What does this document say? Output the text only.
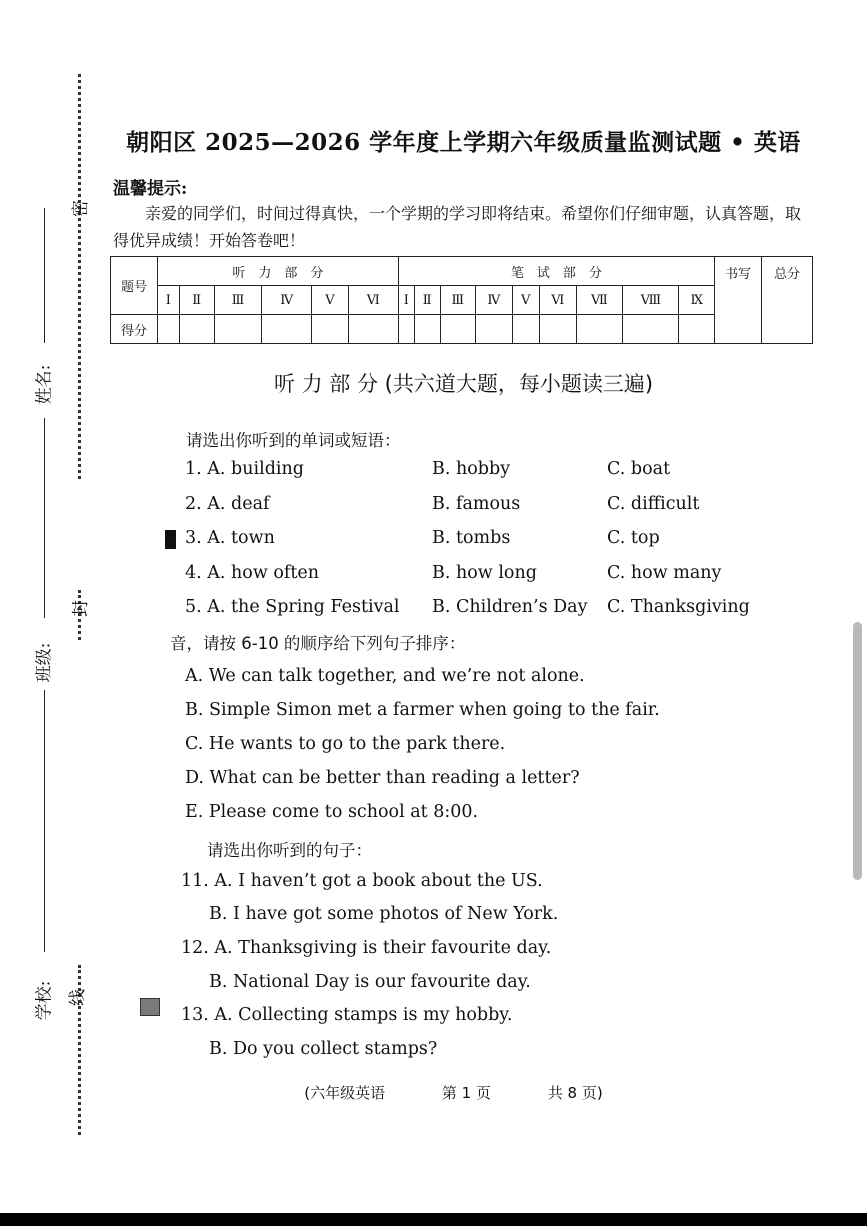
密
封
线
姓名:
班级:
学校:
朝阳区 2025—2026 学年度上学期六年级质量监测试题 • 英语
温馨提示:
亲爱的同学们，时间过得真快，一个学期的学习即将结束。希望你们仔细审题，认真答题，取得优异成绩！开始答卷吧！
题号	听　力　部　分						笔　试　部　分									书写	总分
	Ⅰ	Ⅱ	Ⅲ	Ⅳ	Ⅴ	Ⅵ	Ⅰ	Ⅱ	Ⅲ	Ⅳ	Ⅴ	Ⅵ	Ⅶ	Ⅷ	Ⅸ		
得分																	
听 力 部 分 (共六道大题，每小题读三遍)
请选出你听到的单词或短语：
1. A. building	B. hobby	C. boat
2. A. deaf	B. famous	C. difficult
3. A. town	B. tombs	C. top
4. A. how often	B. how long	C. how many
5. A. the Spring Festival B. Children’s Day C. Thanksgiving
音，请按 6-10 的顺序给下列句子排序：
A. We can talk together, and we’re not alone.
B. Simple Simon met a farmer when going to the fair.
C. He wants to go to the park there.
D. What can be better than reading a letter?
E. Please come to school at 8:00.
请选出你听到的句子：
11. A. I haven’t got a book about the US.
B. I have got some photos of New York.
12. A. Thanksgiving is their favourite day.
B. National Day is our favourite day.
13. A. Collecting stamps is my hobby.
B. Do you collect stamps?
(六年级英语	第 1 页	共 8 页)
